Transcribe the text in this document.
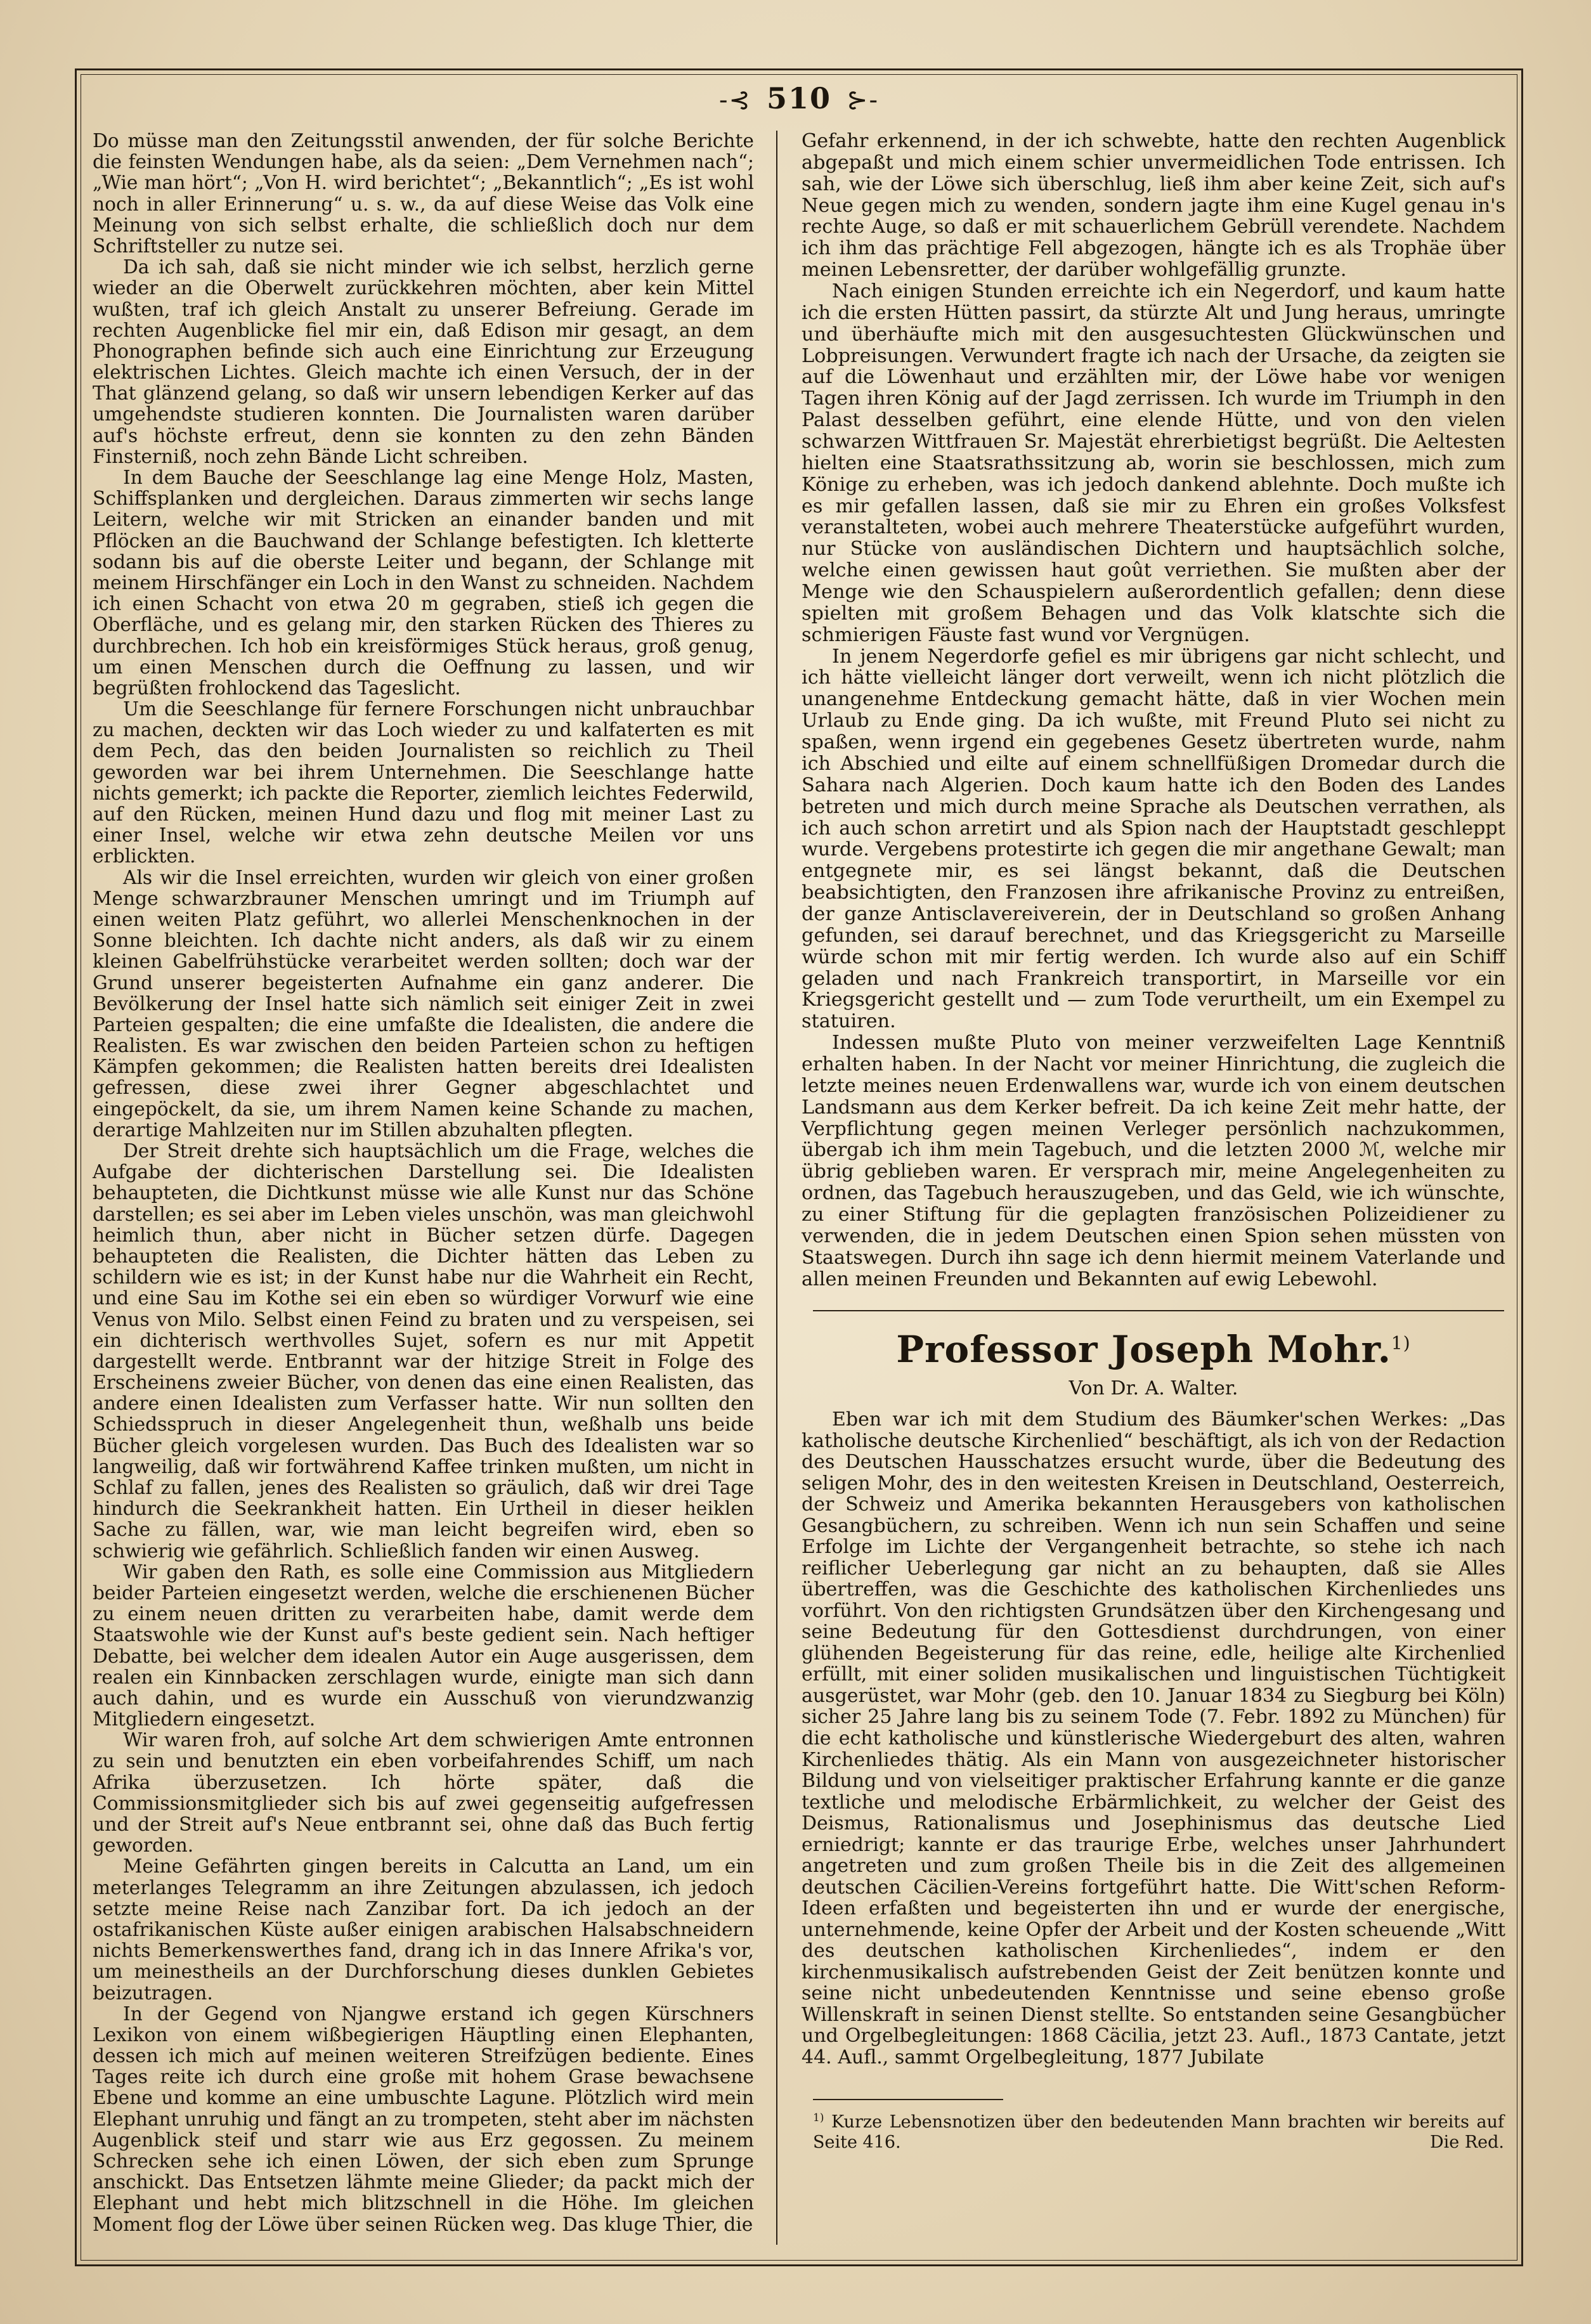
-⊰ 510 ⊱-

Do müsse man den Zeitungsstil anwenden, der für solche Berichte die feinsten Wendungen habe, als da seien: „Dem Vernehmen nach“; „Wie man hört“; „Von H. wird berichtet“; „Bekanntlich“; „Es ist wohl noch in aller Erinnerung“ u. s. w., da auf diese Weise das Volk eine Meinung von sich selbst erhalte, die schließlich doch nur dem Schriftsteller zu nutze sei.

Da ich sah, daß sie nicht minder wie ich selbst, herzlich gerne wieder an die Oberwelt zurückkehren möchten, aber kein Mittel wußten, traf ich gleich Anstalt zu unserer Befreiung. Gerade im rechten Augenblicke fiel mir ein, daß Edison mir gesagt, an dem Phonographen befinde sich auch eine Einrichtung zur Erzeugung elektrischen Lichtes. Gleich machte ich einen Versuch, der in der That glänzend gelang, so daß wir unsern lebendigen Kerker auf das umgehendste studieren konnten. Die Journalisten waren darüber auf's höchste erfreut, denn sie konnten zu den zehn Bänden Finsterniß, noch zehn Bände Licht schreiben.

In dem Bauche der Seeschlange lag eine Menge Holz, Masten, Schiffsplanken und dergleichen. Daraus zimmerten wir sechs lange Leitern, welche wir mit Stricken an einander banden und mit Pflöcken an die Bauchwand der Schlange befestigten. Ich kletterte sodann bis auf die oberste Leiter und begann, der Schlange mit meinem Hirschfänger ein Loch in den Wanst zu schneiden. Nachdem ich einen Schacht von etwa 20 m gegraben, stieß ich gegen die Oberfläche, und es gelang mir, den starken Rücken des Thieres zu durchbrechen. Ich hob ein kreisförmiges Stück heraus, groß genug, um einen Menschen durch die Oeffnung zu lassen, und wir begrüßten frohlockend das Tageslicht.

Um die Seeschlange für fernere Forschungen nicht unbrauchbar zu machen, deckten wir das Loch wieder zu und kalfaterten es mit dem Pech, das den beiden Journalisten so reichlich zu Theil geworden war bei ihrem Unternehmen. Die Seeschlange hatte nichts gemerkt; ich packte die Reporter, ziemlich leichtes Federwild, auf den Rücken, meinen Hund dazu und flog mit meiner Last zu einer Insel, welche wir etwa zehn deutsche Meilen vor uns erblickten.

Als wir die Insel erreichten, wurden wir gleich von einer großen Menge schwarzbrauner Menschen umringt und im Triumph auf einen weiten Platz geführt, wo allerlei Menschenknochen in der Sonne bleichten. Ich dachte nicht anders, als daß wir zu einem kleinen Gabelfrühstücke verarbeitet werden sollten; doch war der Grund unserer begeisterten Aufnahme ein ganz anderer. Die Bevölkerung der Insel hatte sich nämlich seit einiger Zeit in zwei Parteien gespalten; die eine umfaßte die Idealisten, die andere die Realisten. Es war zwischen den beiden Parteien schon zu heftigen Kämpfen gekommen; die Realisten hatten bereits drei Idealisten gefressen, diese zwei ihrer Gegner abgeschlachtet und eingepöckelt, da sie, um ihrem Namen keine Schande zu machen, derartige Mahlzeiten nur im Stillen abzuhalten pflegten.

Der Streit drehte sich hauptsächlich um die Frage, welches die Aufgabe der dichterischen Darstellung sei. Die Idealisten behaupteten, die Dichtkunst müsse wie alle Kunst nur das Schöne darstellen; es sei aber im Leben vieles unschön, was man gleichwohl heimlich thun, aber nicht in Bücher setzen dürfe. Dagegen behaupteten die Realisten, die Dichter hätten das Leben zu schildern wie es ist; in der Kunst habe nur die Wahrheit ein Recht, und eine Sau im Kothe sei ein eben so würdiger Vorwurf wie eine Venus von Milo. Selbst einen Feind zu braten und zu verspeisen, sei ein dichterisch werthvolles Sujet, sofern es nur mit Appetit dargestellt werde. Entbrannt war der hitzige Streit in Folge des Erscheinens zweier Bücher, von denen das eine einen Realisten, das andere einen Idealisten zum Verfasser hatte. Wir nun sollten den Schiedsspruch in dieser Angelegenheit thun, weßhalb uns beide Bücher gleich vorgelesen wurden. Das Buch des Idealisten war so langweilig, daß wir fortwährend Kaffee trinken mußten, um nicht in Schlaf zu fallen, jenes des Realisten so gräulich, daß wir drei Tage hindurch die Seekrankheit hatten. Ein Urtheil in dieser heiklen Sache zu fällen, war, wie man leicht begreifen wird, eben so schwierig wie gefährlich. Schließlich fanden wir einen Ausweg.

Wir gaben den Rath, es solle eine Commission aus Mitgliedern beider Parteien eingesetzt werden, welche die erschienenen Bücher zu einem neuen dritten zu verarbeiten habe, damit werde dem Staatswohle wie der Kunst auf's beste gedient sein. Nach heftiger Debatte, bei welcher dem idealen Autor ein Auge ausgerissen, dem realen ein Kinnbacken zerschlagen wurde, einigte man sich dann auch dahin, und es wurde ein Ausschuß von vierundzwanzig Mitgliedern eingesetzt.

Wir waren froh, auf solche Art dem schwierigen Amte entronnen zu sein und benutzten ein eben vorbeifahrendes Schiff, um nach Afrika überzusetzen. Ich hörte später, daß die Commissionsmitglieder sich bis auf zwei gegenseitig aufgefressen und der Streit auf's Neue entbrannt sei, ohne daß das Buch fertig geworden.

Meine Gefährten gingen bereits in Calcutta an Land, um ein meterlanges Telegramm an ihre Zeitungen abzulassen, ich jedoch setzte meine Reise nach Zanzibar fort. Da ich jedoch an der ostafrikanischen Küste außer einigen arabischen Halsabschneidern nichts Bemerkenswerthes fand, drang ich in das Innere Afrika's vor, um meinestheils an der Durchforschung dieses dunklen Gebietes beizutragen.

In der Gegend von Njangwe erstand ich gegen Kürschners Lexikon von einem wißbegierigen Häuptling einen Elephanten, dessen ich mich auf meinen weiteren Streifzügen bediente. Eines Tages reite ich durch eine große mit hohem Grase bewachsene Ebene und komme an eine umbuschte Lagune. Plötzlich wird mein Elephant unruhig und fängt an zu trompeten, steht aber im nächsten Augenblick steif und starr wie aus Erz gegossen. Zu meinem Schrecken sehe ich einen Löwen, der sich eben zum Sprunge anschickt. Das Entsetzen lähmte meine Glieder; da packt mich der Elephant und hebt mich blitzschnell in die Höhe. Im gleichen Moment flog der Löwe über seinen Rücken weg. Das kluge Thier, die

Gefahr erkennend, in der ich schwebte, hatte den rechten Augenblick abgepaßt und mich einem schier unvermeidlichen Tode entrissen. Ich sah, wie der Löwe sich überschlug, ließ ihm aber keine Zeit, sich auf's Neue gegen mich zu wenden, sondern jagte ihm eine Kugel genau in's rechte Auge, so daß er mit schauerlichem Gebrüll verendete. Nachdem ich ihm das prächtige Fell abgezogen, hängte ich es als Trophäe über meinen Lebensretter, der darüber wohlgefällig grunzte.

Nach einigen Stunden erreichte ich ein Negerdorf, und kaum hatte ich die ersten Hütten passirt, da stürzte Alt und Jung heraus, umringte und überhäufte mich mit den ausgesuchtesten Glückwünschen und Lobpreisungen. Verwundert fragte ich nach der Ursache, da zeigten sie auf die Löwenhaut und erzählten mir, der Löwe habe vor wenigen Tagen ihren König auf der Jagd zerrissen. Ich wurde im Triumph in den Palast desselben geführt, eine elende Hütte, und von den vielen schwarzen Wittfrauen Sr. Majestät ehrerbietigst begrüßt. Die Aeltesten hielten eine Staatsrathssitzung ab, worin sie beschlossen, mich zum Könige zu erheben, was ich jedoch dankend ablehnte. Doch mußte ich es mir gefallen lassen, daß sie mir zu Ehren ein großes Volksfest veranstalteten, wobei auch mehrere Theaterstücke aufgeführt wurden, nur Stücke von ausländischen Dichtern und hauptsächlich solche, welche einen gewissen haut goût verriethen. Sie mußten aber der Menge wie den Schauspielern außerordentlich gefallen; denn diese spielten mit großem Behagen und das Volk klatschte sich die schmierigen Fäuste fast wund vor Vergnügen.

In jenem Negerdorfe gefiel es mir übrigens gar nicht schlecht, und ich hätte vielleicht länger dort verweilt, wenn ich nicht plötzlich die unangenehme Entdeckung gemacht hätte, daß in vier Wochen mein Urlaub zu Ende ging. Da ich wußte, mit Freund Pluto sei nicht zu spaßen, wenn irgend ein gegebenes Gesetz übertreten wurde, nahm ich Abschied und eilte auf einem schnellfüßigen Dromedar durch die Sahara nach Algerien. Doch kaum hatte ich den Boden des Landes betreten und mich durch meine Sprache als Deutschen verrathen, als ich auch schon arretirt und als Spion nach der Hauptstadt geschleppt wurde. Vergebens protestirte ich gegen die mir angethane Gewalt; man entgegnete mir, es sei längst bekannt, daß die Deutschen beabsichtigten, den Franzosen ihre afrikanische Provinz zu entreißen, der ganze Antisclavereiverein, der in Deutschland so großen Anhang gefunden, sei darauf berechnet, und das Kriegsgericht zu Marseille würde schon mit mir fertig werden. Ich wurde also auf ein Schiff geladen und nach Frankreich transportirt, in Marseille vor ein Kriegsgericht gestellt und — zum Tode verurtheilt, um ein Exempel zu statuiren.

Indessen mußte Pluto von meiner verzweifelten Lage Kenntniß erhalten haben. In der Nacht vor meiner Hinrichtung, die zugleich die letzte meines neuen Erdenwallens war, wurde ich von einem deutschen Landsmann aus dem Kerker befreit. Da ich keine Zeit mehr hatte, der Verpflichtung gegen meinen Verleger persönlich nachzukommen, übergab ich ihm mein Tagebuch, und die letzten 2000 ℳ, welche mir übrig geblieben waren. Er versprach mir, meine Angelegenheiten zu ordnen, das Tagebuch herauszugeben, und das Geld, wie ich wünschte, zu einer Stiftung für die geplagten französischen Polizeidiener zu verwenden, die in jedem Deutschen einen Spion sehen müssten von Staatswegen. Durch ihn sage ich denn hiermit meinem Vaterlande und allen meinen Freunden und Bekannten auf ewig Lebewohl.

Professor Joseph Mohr.$^{1)}$
Von Dr. A. Walter.

Eben war ich mit dem Studium des Bäumker'schen Werkes: „Das katholische deutsche Kirchenlied“ beschäftigt, als ich von der Redaction des Deutschen Hausschatzes ersucht wurde, über die Bedeutung des seligen Mohr, des in den weitesten Kreisen in Deutschland, Oesterreich, der Schweiz und Amerika bekannten Herausgebers von katholischen Gesangbüchern, zu schreiben. Wenn ich nun sein Schaffen und seine Erfolge im Lichte der Vergangenheit betrachte, so stehe ich nach reiflicher Ueberlegung gar nicht an zu behaupten, daß sie Alles übertreffen, was die Geschichte des katholischen Kirchenliedes uns vorführt. Von den richtigsten Grundsätzen über den Kirchengesang und seine Bedeutung für den Gottesdienst durchdrungen, von einer glühenden Begeisterung für das reine, edle, heilige alte Kirchenlied erfüllt, mit einer soliden musikalischen und linguistischen Tüchtigkeit ausgerüstet, war Mohr (geb. den 10. Januar 1834 zu Siegburg bei Köln) sicher 25 Jahre lang bis zu seinem Tode (7. Febr. 1892 zu München) für die echt katholische und künstlerische Wiedergeburt des alten, wahren Kirchenliedes thätig. Als ein Mann von ausgezeichneter historischer Bildung und von vielseitiger praktischer Erfahrung kannte er die ganze textliche und melodische Erbärmlichkeit, zu welcher der Geist des Deismus, Rationalismus und Josephinismus das deutsche Lied erniedrigt; kannte er das traurige Erbe, welches unser Jahrhundert angetreten und zum großen Theile bis in die Zeit des allgemeinen deutschen Cäcilien-Vereins fortgeführt hatte. Die Witt'schen Reform-Ideen erfaßten und begeisterten ihn und er wurde der energische, unternehmende, keine Opfer der Arbeit und der Kosten scheuende „Witt des deutschen katholischen Kirchenliedes“, indem er den kirchenmusikalisch aufstrebenden Geist der Zeit benützen konnte und seine nicht unbedeutenden Kenntnisse und seine ebenso große Willenskraft in seinen Dienst stellte. So entstanden seine Gesangbücher und Orgelbegleitungen: 1868 Cäcilia, jetzt 23. Aufl., 1873 Cantate, jetzt 44. Aufl., sammt Orgelbegleitung, 1877 Jubilate

$^{1)}$ Kurze Lebensnotizen über den bedeutenden Mann brachten wir bereits auf Seite 416.	Die Red.
